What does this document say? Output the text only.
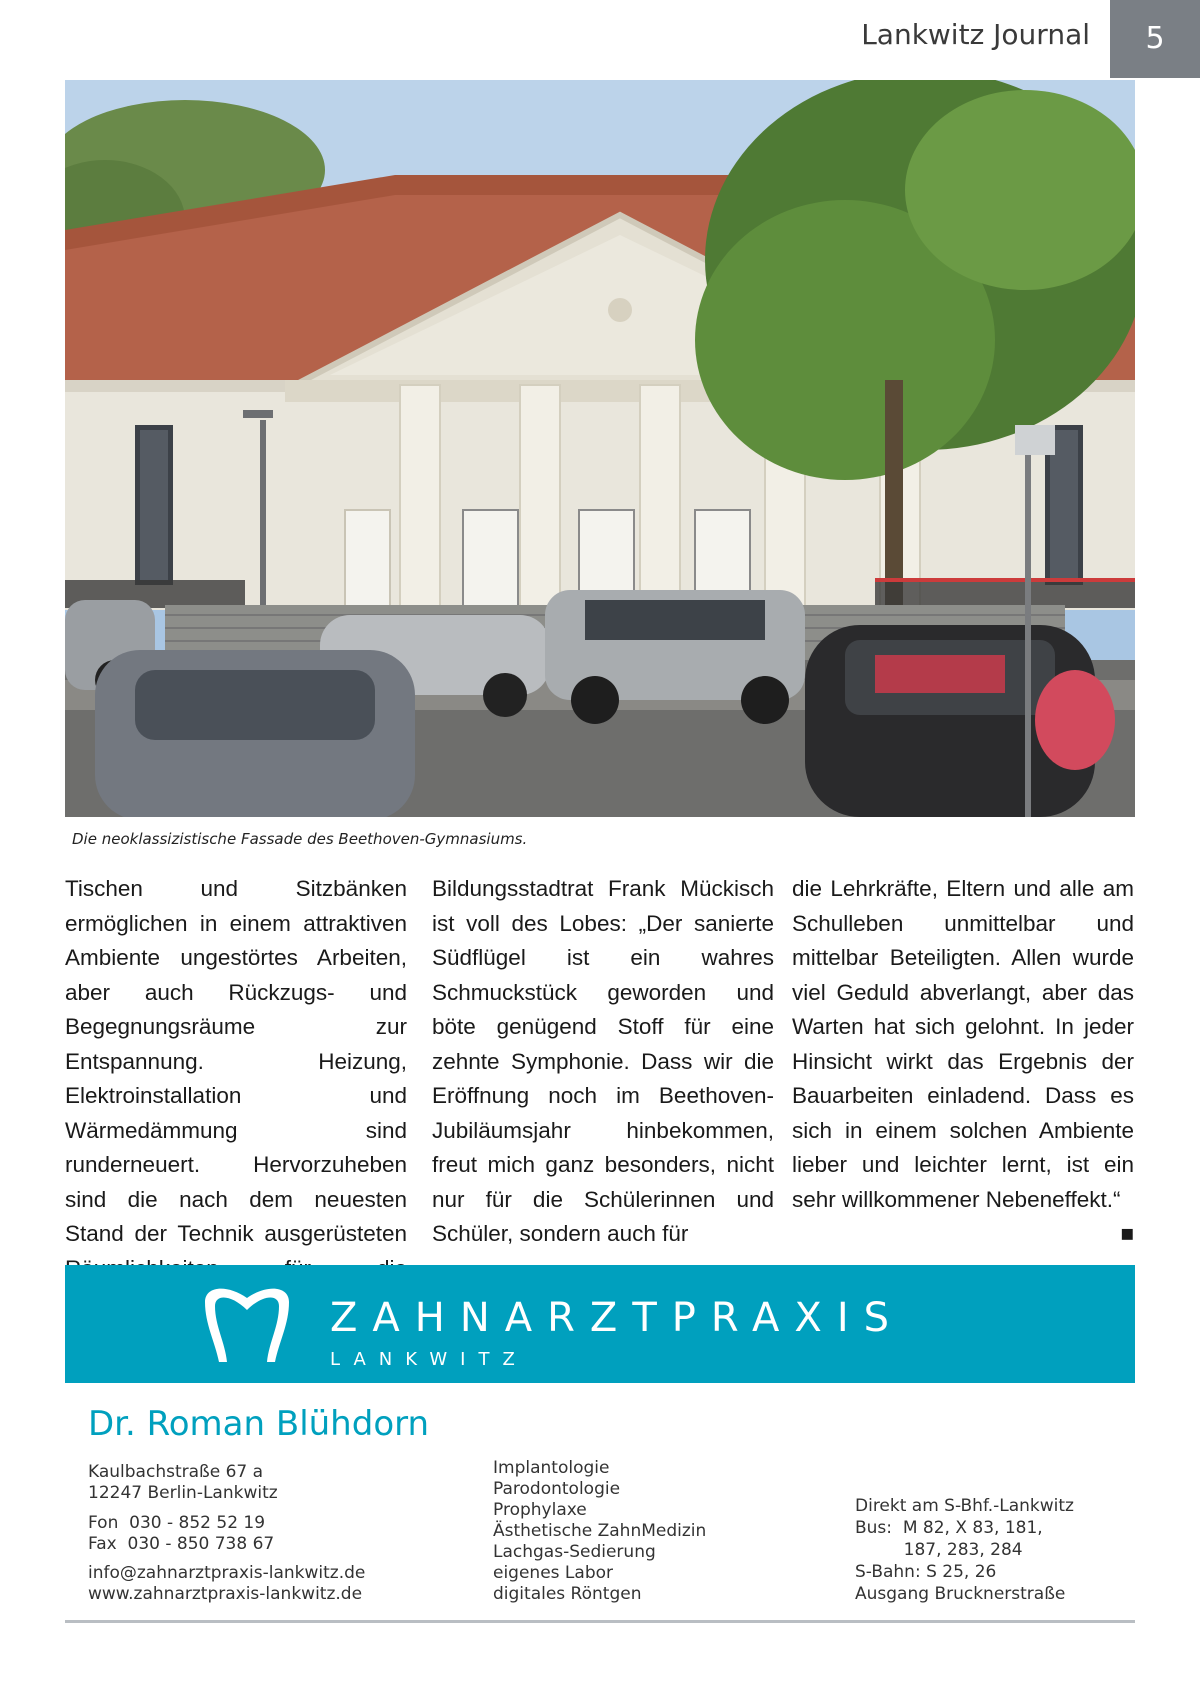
Lankwitz Journal	5
Die neoklassizistische Fassade des Beethoven-Gymnasiums.

Tischen und Sitzbänken ermöglichen in einem attraktiven Ambiente ungestörtes Arbeiten, aber auch Rückzugs- und Begegnungsräume zur Entspannung. Heizung, Elektroinstallation und Wärmedämmung sind runderneuert. Hervorzuheben sind die nach dem neuesten Stand der Technik ausgerüsteten

Bildungsstadtrat Frank Mückisch ist voll des Lobes: „Der sanierte Südflügel ist ein wahres Schmuckstück geworden und böte genügend Stoff für eine zehnte Symphonie. Dass wir die Eröffnung noch im Beethoven-Jubiläumsjahr hinbekommen, freut mich ganz besonders, nicht nur für die Schülerinnen und Schüler, sondern auch für

die Lehrkräfte, Eltern und alle am Schulleben unmittelbar und mittelbar Beteiligten. Allen wurde viel Geduld abverlangt, aber das Warten hat sich gelohnt. In jeder Hinsicht wirkt das Ergebnis der Bauarbeiten einladend. Dass es sich in einem solchen Ambiente lieber und leichter lernt, ist ein sehr willkommener Nebeneffekt.“
■

ZAHNARZTPRAXIS
LANKWITZ
Dr. Roman Blühdorn
Kaulbachstraße 67 a
12247 Berlin-Lankwitz
Fon  030 - 852 52 19
Fax  030 - 850 738 67
info@zahnarztpraxis-lankwitz.de
www.zahnarztpraxis-lankwitz.de
Implantologie
Parodontologie
Prophylaxe
Ästhetische ZahnMedizin
Lachgas-Sedierung
eigenes Labor
digitales Röntgen
Direkt am S-Bhf.-Lankwitz
Bus:  M 82, X 83, 181,
187, 283, 284
S-Bahn: S 25, 26
Ausgang Brucknerstraße
